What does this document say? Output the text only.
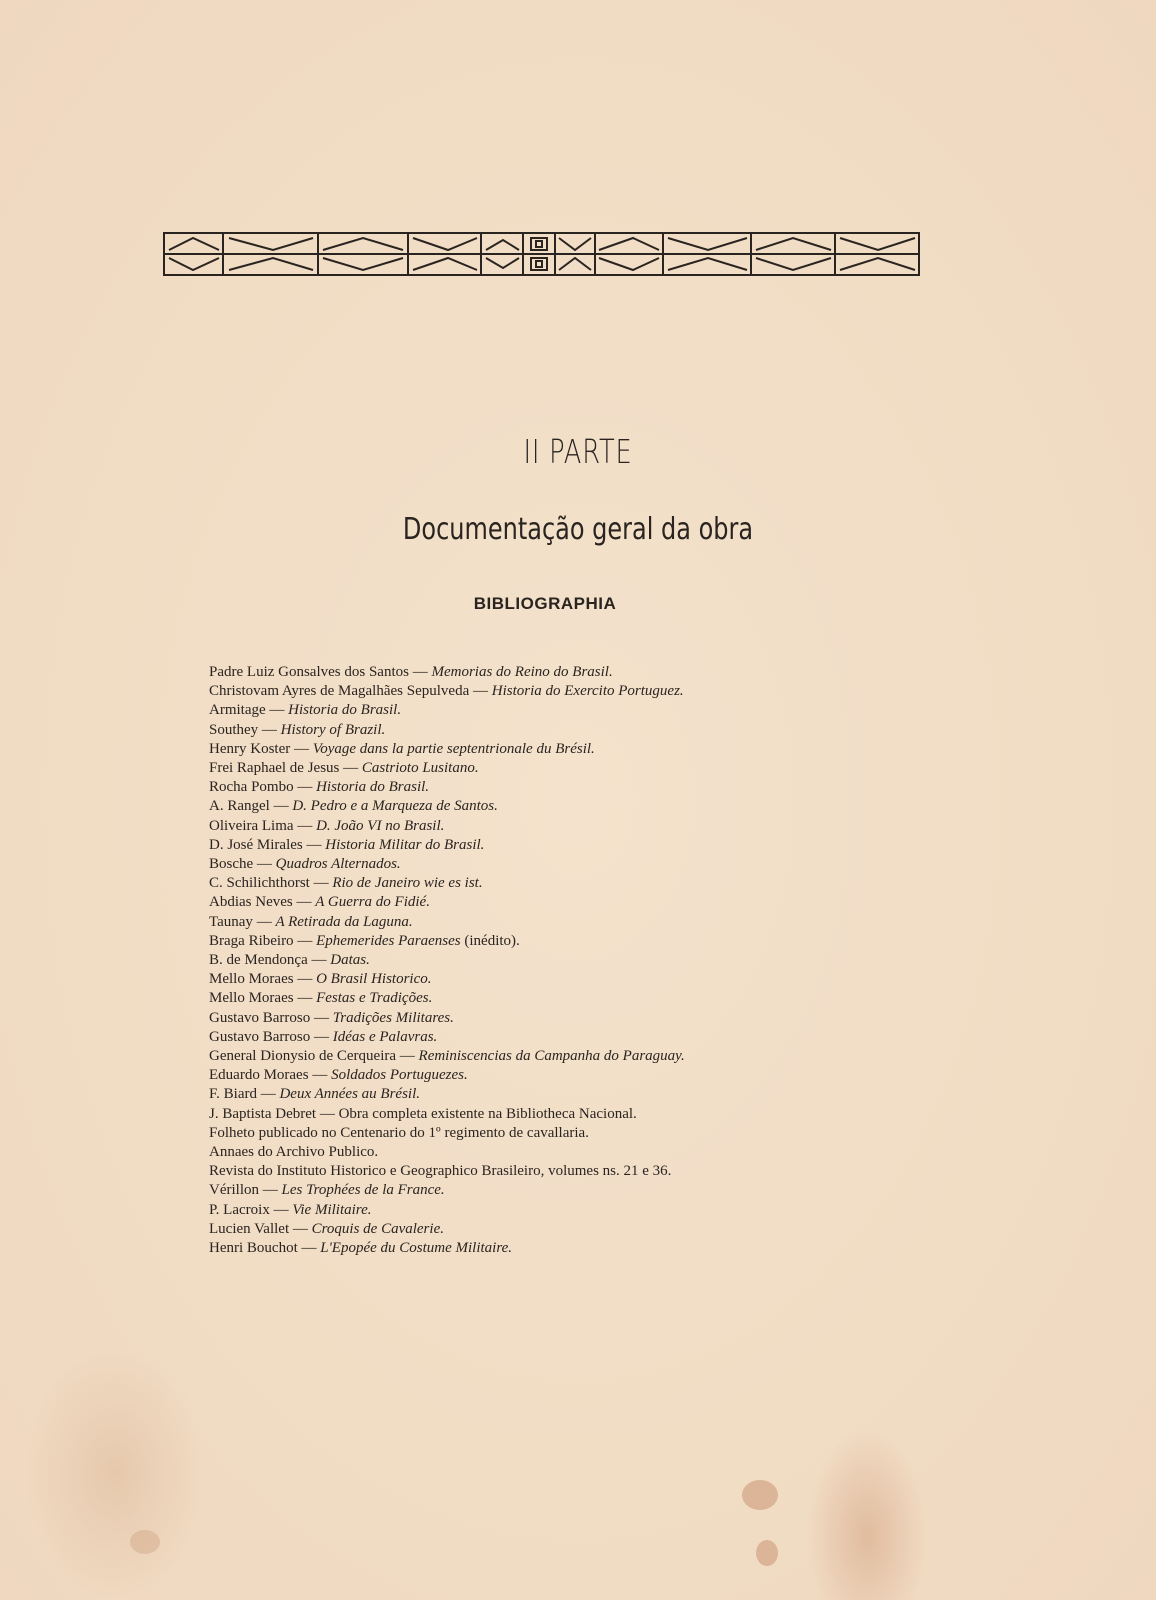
II PARTE
Documentação geral da obra
BIBLIOGRAPHIA
Padre Luiz Gonsalves dos Santos — Memorias do Reino do Brasil.
Christovam Ayres de Magalhães Sepulveda — Historia do Exercito Portuguez.
Armitage — Historia do Brasil.
Southey — History of Brazil.
Henry Koster — Voyage dans la partie septentrionale du Brésil.
Frei Raphael de Jesus — Castrioto Lusitano.
Rocha Pombo — Historia do Brasil.
A. Rangel — D. Pedro e a Marqueza de Santos.
Oliveira Lima — D. João VI no Brasil.
D. José Mirales — Historia Militar do Brasil.
Bosche — Quadros Alternados.
C. Schilichthorst — Rio de Janeiro wie es ist.
Abdias Neves — A Guerra do Fidié.
Taunay — A Retirada da Laguna.
Braga Ribeiro — Ephemerides Paraenses (inédito).
B. de Mendonça — Datas.
Mello Moraes — O Brasil Historico.
Mello Moraes — Festas e Tradições.
Gustavo Barroso — Tradições Militares.
Gustavo Barroso — Idéas e Palavras.
General Dionysio de Cerqueira — Reminiscencias da Campanha do Paraguay.
Eduardo Moraes — Soldados Portuguezes.
F. Biard — Deux Années au Brésil.
J. Baptista Debret — Obra completa existente na Bibliotheca Nacional.
Folheto publicado no Centenario do 1º regimento de cavallaria.
Annaes do Archivo Publico.
Revista do Instituto Historico e Geographico Brasileiro, volumes ns. 21 e 36.
Vérillon — Les Trophées de la France.
P. Lacroix — Vie Militaire.
Lucien Vallet — Croquis de Cavalerie.
Henri Bouchot — L'Epopée du Costume Militaire.
